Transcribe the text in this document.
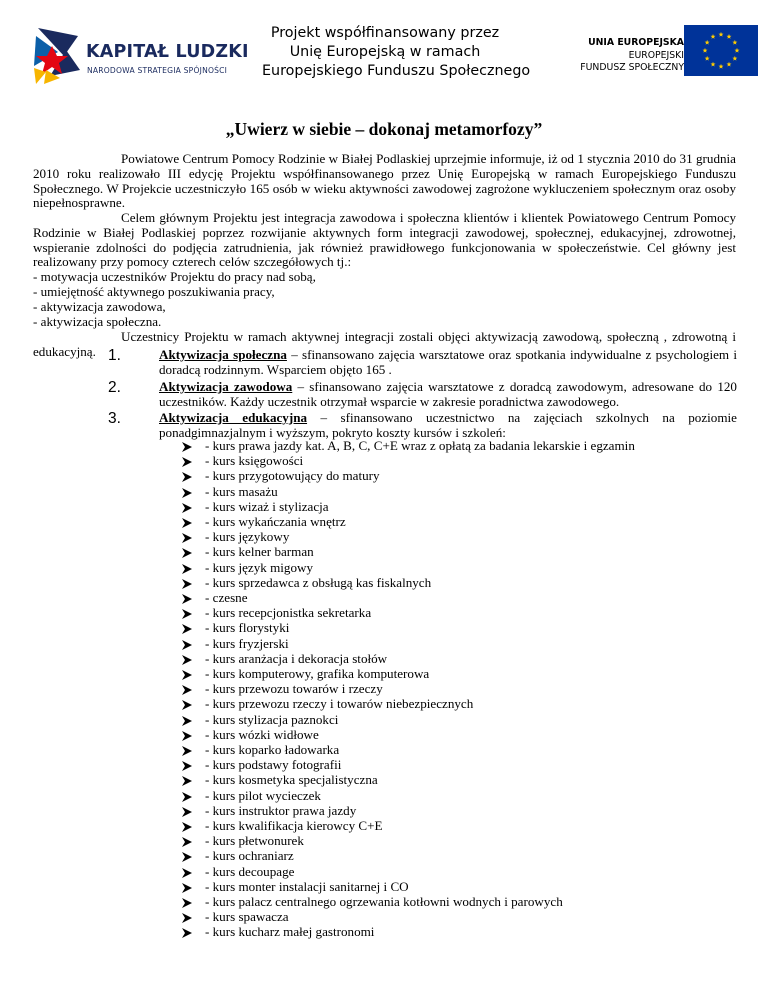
KAPITAŁ LUDZKI
NARODOWA STRATEGIA SPÓJNOŚCI
Projekt współfinansowany przez
Unię Europejską w ramach
Europejskiego Funduszu Społecznego
UNIA EUROPEJSKA
EUROPEJSKI
FUNDUSZ SPOŁECZNY
„Uwierz w siebie – dokonaj metamorfozy”
Powiatowe Centrum Pomocy Rodzinie w Białej Podlaskiej uprzejmie informuje, iż od 1 stycznia 2010 do 31 grudnia 2010 roku realizowało III edycję Projektu współfinansowanego przez Unię Europejską w ramach Europejskiego Funduszu Społecznego. W Projekcie uczestniczyło 165 osób w wieku aktywności zawodowej zagrożone wykluczeniem społecznym oraz osoby niepełnosprawne.
Celem głównym Projektu jest integracja zawodowa i społeczna klientów i klientek Powiatowego Centrum Pomocy Rodzinie w Białej Podlaskiej poprzez rozwijanie aktywnych form integracji zawodowej, społecznej, edukacyjnej, zdrowotnej, wspieranie zdolności do podjęcia zatrudnienia, jak również prawidłowego funkcjonowania w społeczeństwie. Cel główny jest realizowany przy pomocy czterech celów szczegółowych tj.:
- motywacja uczestników Projektu do pracy nad sobą,
- umiejętność aktywnego poszukiwania pracy,
- aktywizacja zawodowa,
- aktywizacja społeczna.
Uczestnicy Projektu w ramach aktywnej integracji zostali objęci aktywizacją zawodową, społeczną , zdrowotną i edukacyjną. 1.	Aktywizacja społeczna – sfinansowano zajęcia warsztatowe oraz spotkania indywidualne z psychologiem i doradcą rodzinnym. Wsparciem objęto 165 .
2.	Aktywizacja zawodowa – sfinansowano zajęcia warsztatowe z doradcą zawodowym, adresowane do 120 uczestników. Każdy uczestnik otrzymał wsparcie w zakresie poradnictwa zawodowego.
3.	Aktywizacja edukacyjna – sfinansowano uczestnictwo na zajęciach szkolnych na poziomie ponadgimnazjalnym i wyższym, pokryto koszty kursów i szkoleń:
- kurs prawa jazdy kat. A, B, C, C+E wraz z opłatą za badania lekarskie i egzamin
- kurs księgowości
- kurs przygotowujący do matury
- kurs masażu
- kurs wizaż i stylizacja
- kurs wykańczania wnętrz
- kurs językowy
- kurs kelner barman
- kurs język migowy
- kurs sprzedawca z obsługą kas fiskalnych
- czesne
- kurs recepcjonistka sekretarka
- kurs florystyki
- kurs fryzjerski
- kurs aranżacja i dekoracja stołów
- kurs komputerowy, grafika komputerowa
- kurs przewozu towarów i rzeczy
- kurs przewozu rzeczy i towarów niebezpiecznych
- kurs stylizacja paznokci
- kurs wózki widłowe
- kurs koparko ładowarka
- kurs podstawy fotografii
- kurs kosmetyka specjalistyczna
- kurs pilot wycieczek
- kurs instruktor prawa jazdy
- kurs kwalifikacja kierowcy C+E
- kurs płetwonurek
- kurs ochraniarz
- kurs decoupage
- kurs monter instalacji sanitarnej i CO
- kurs palacz centralnego ogrzewania kotłowni wodnych i parowych
- kurs spawacza
- kurs kucharz małej gastronomi
